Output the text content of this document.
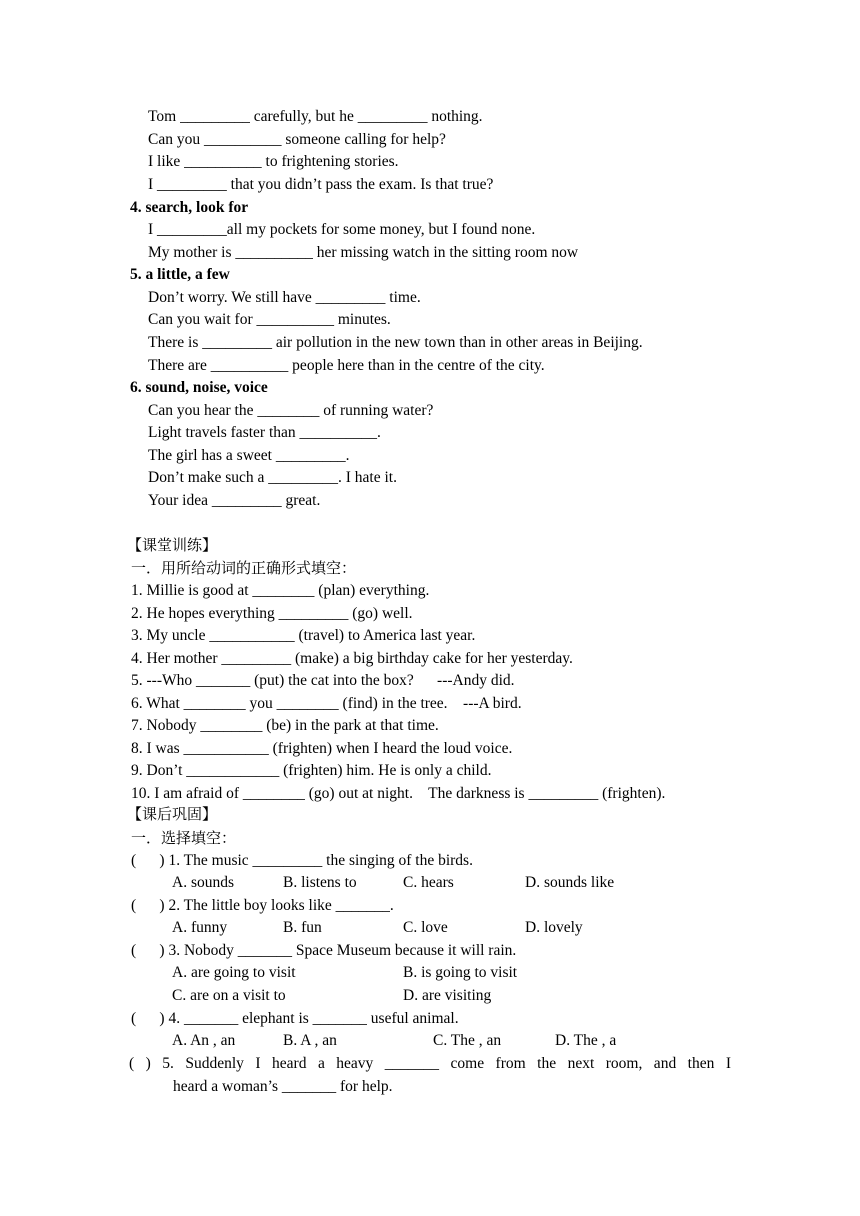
Tom _________ carefully, but he _________ nothing.
Can you __________ someone calling for help?
I like __________ to frightening stories.
I _________ that you didn’t pass the exam. Is that true?
4. search, look for
I _________all my pockets for some money, but I found none.
My mother is __________ her missing watch in the sitting room now
5. a little, a few
Don’t worry. We still have _________ time.
Can you wait for __________ minutes.
There is _________ air pollution in the new town than in other areas in Beijing.
There are __________ people here than in the centre of the city.
6. sound, noise, voice
Can you hear the ________ of running water?
Light travels faster than __________.
The girl has a sweet _________.
Don’t make such a _________. I hate it.
Your idea _________ great.
【课堂训练】
一．用所给动词的正确形式填空：
1. Millie is good at ________ (plan) everything.
2. He hopes everything _________ (go) well.
3. My uncle ___________ (travel) to America last year.
4. Her mother _________ (make) a big birthday cake for her yesterday.
5. ---Who _______ (put) the cat into the box?      ---Andy did.
6. What ________ you ________ (find) in the tree.    ---A bird.
7. Nobody ________ (be) in the park at that time.
8. I was ___________ (frighten) when I heard the loud voice.
9. Don’t ____________ (frighten) him. He is only a child.
10. I am afraid of ________ (go) out at night.    The darkness is _________ (frighten).
【课后巩固】
一．选择填空：
(      ) 1. The music _________ the singing of the birds.
A. sounds	B. listens to	C. hears	D. sounds like
(      ) 2. The little boy looks like _______.
A. funny	B. fun	C. love	D. lovely
(      ) 3. Nobody _______ Space Museum because it will rain.
A. are going to visit	B. is going to visit
C. are on a visit to	D. are visiting
(      ) 4. _______ elephant is _______ useful animal.
A. An , an	B. A , an	C. The , an	D. The , a
( ) 5. Suddenly I heard a heavy _______ come from the next room, and then I
heard a woman’s _______ for help.
